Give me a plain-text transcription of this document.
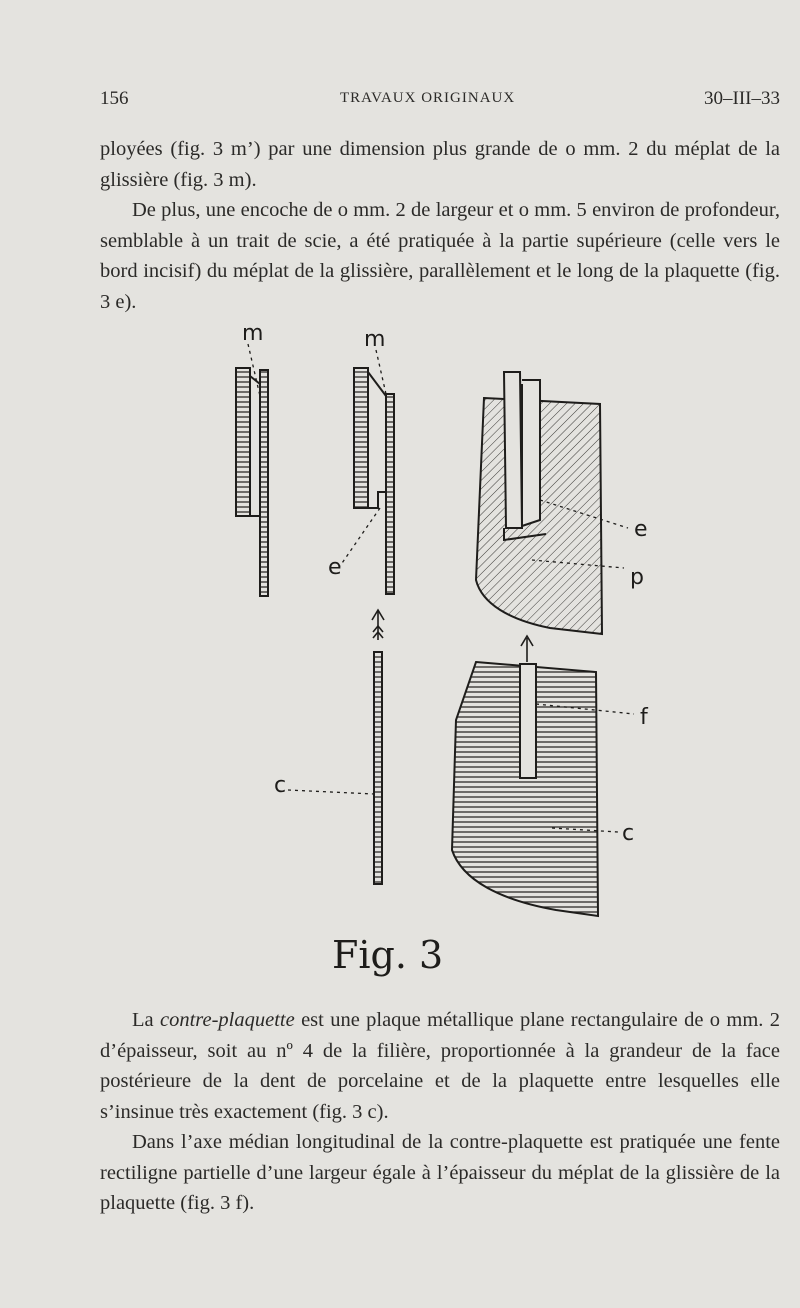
156	TRAVAUX ORIGINAUX	30–III–33

ployées (fig. 3 m’) par une dimension plus grande de o mm. 2 du méplat de la glissière (fig. 3 m).

De plus, une encoche de o mm. 2 de largeur et o mm. 5 environ de profondeur, semblable à un trait de scie, a été pratiquée à la partie supérieure (celle vers le bord incisif) du méplat de la glissière, parallèlement et le long de la plaquette (fig. 3 e).

m	m
e
e
p
f
c
c
Fig. 3

La contre-plaquette est une plaque métallique plane rectangulaire de o mm. 2 d’épaisseur, soit au nº 4 de la filière, proportionnée à la grandeur de la face postérieure de la dent de porcelaine et de la plaquette entre lesquelles elle s’insinue très exactement (fig. 3 c).

Dans l’axe médian longitudinal de la contre-plaquette est pratiquée une fente rectiligne partielle d’une largeur égale à l’épaisseur du méplat de la glissière de la plaquette (fig. 3 f).
